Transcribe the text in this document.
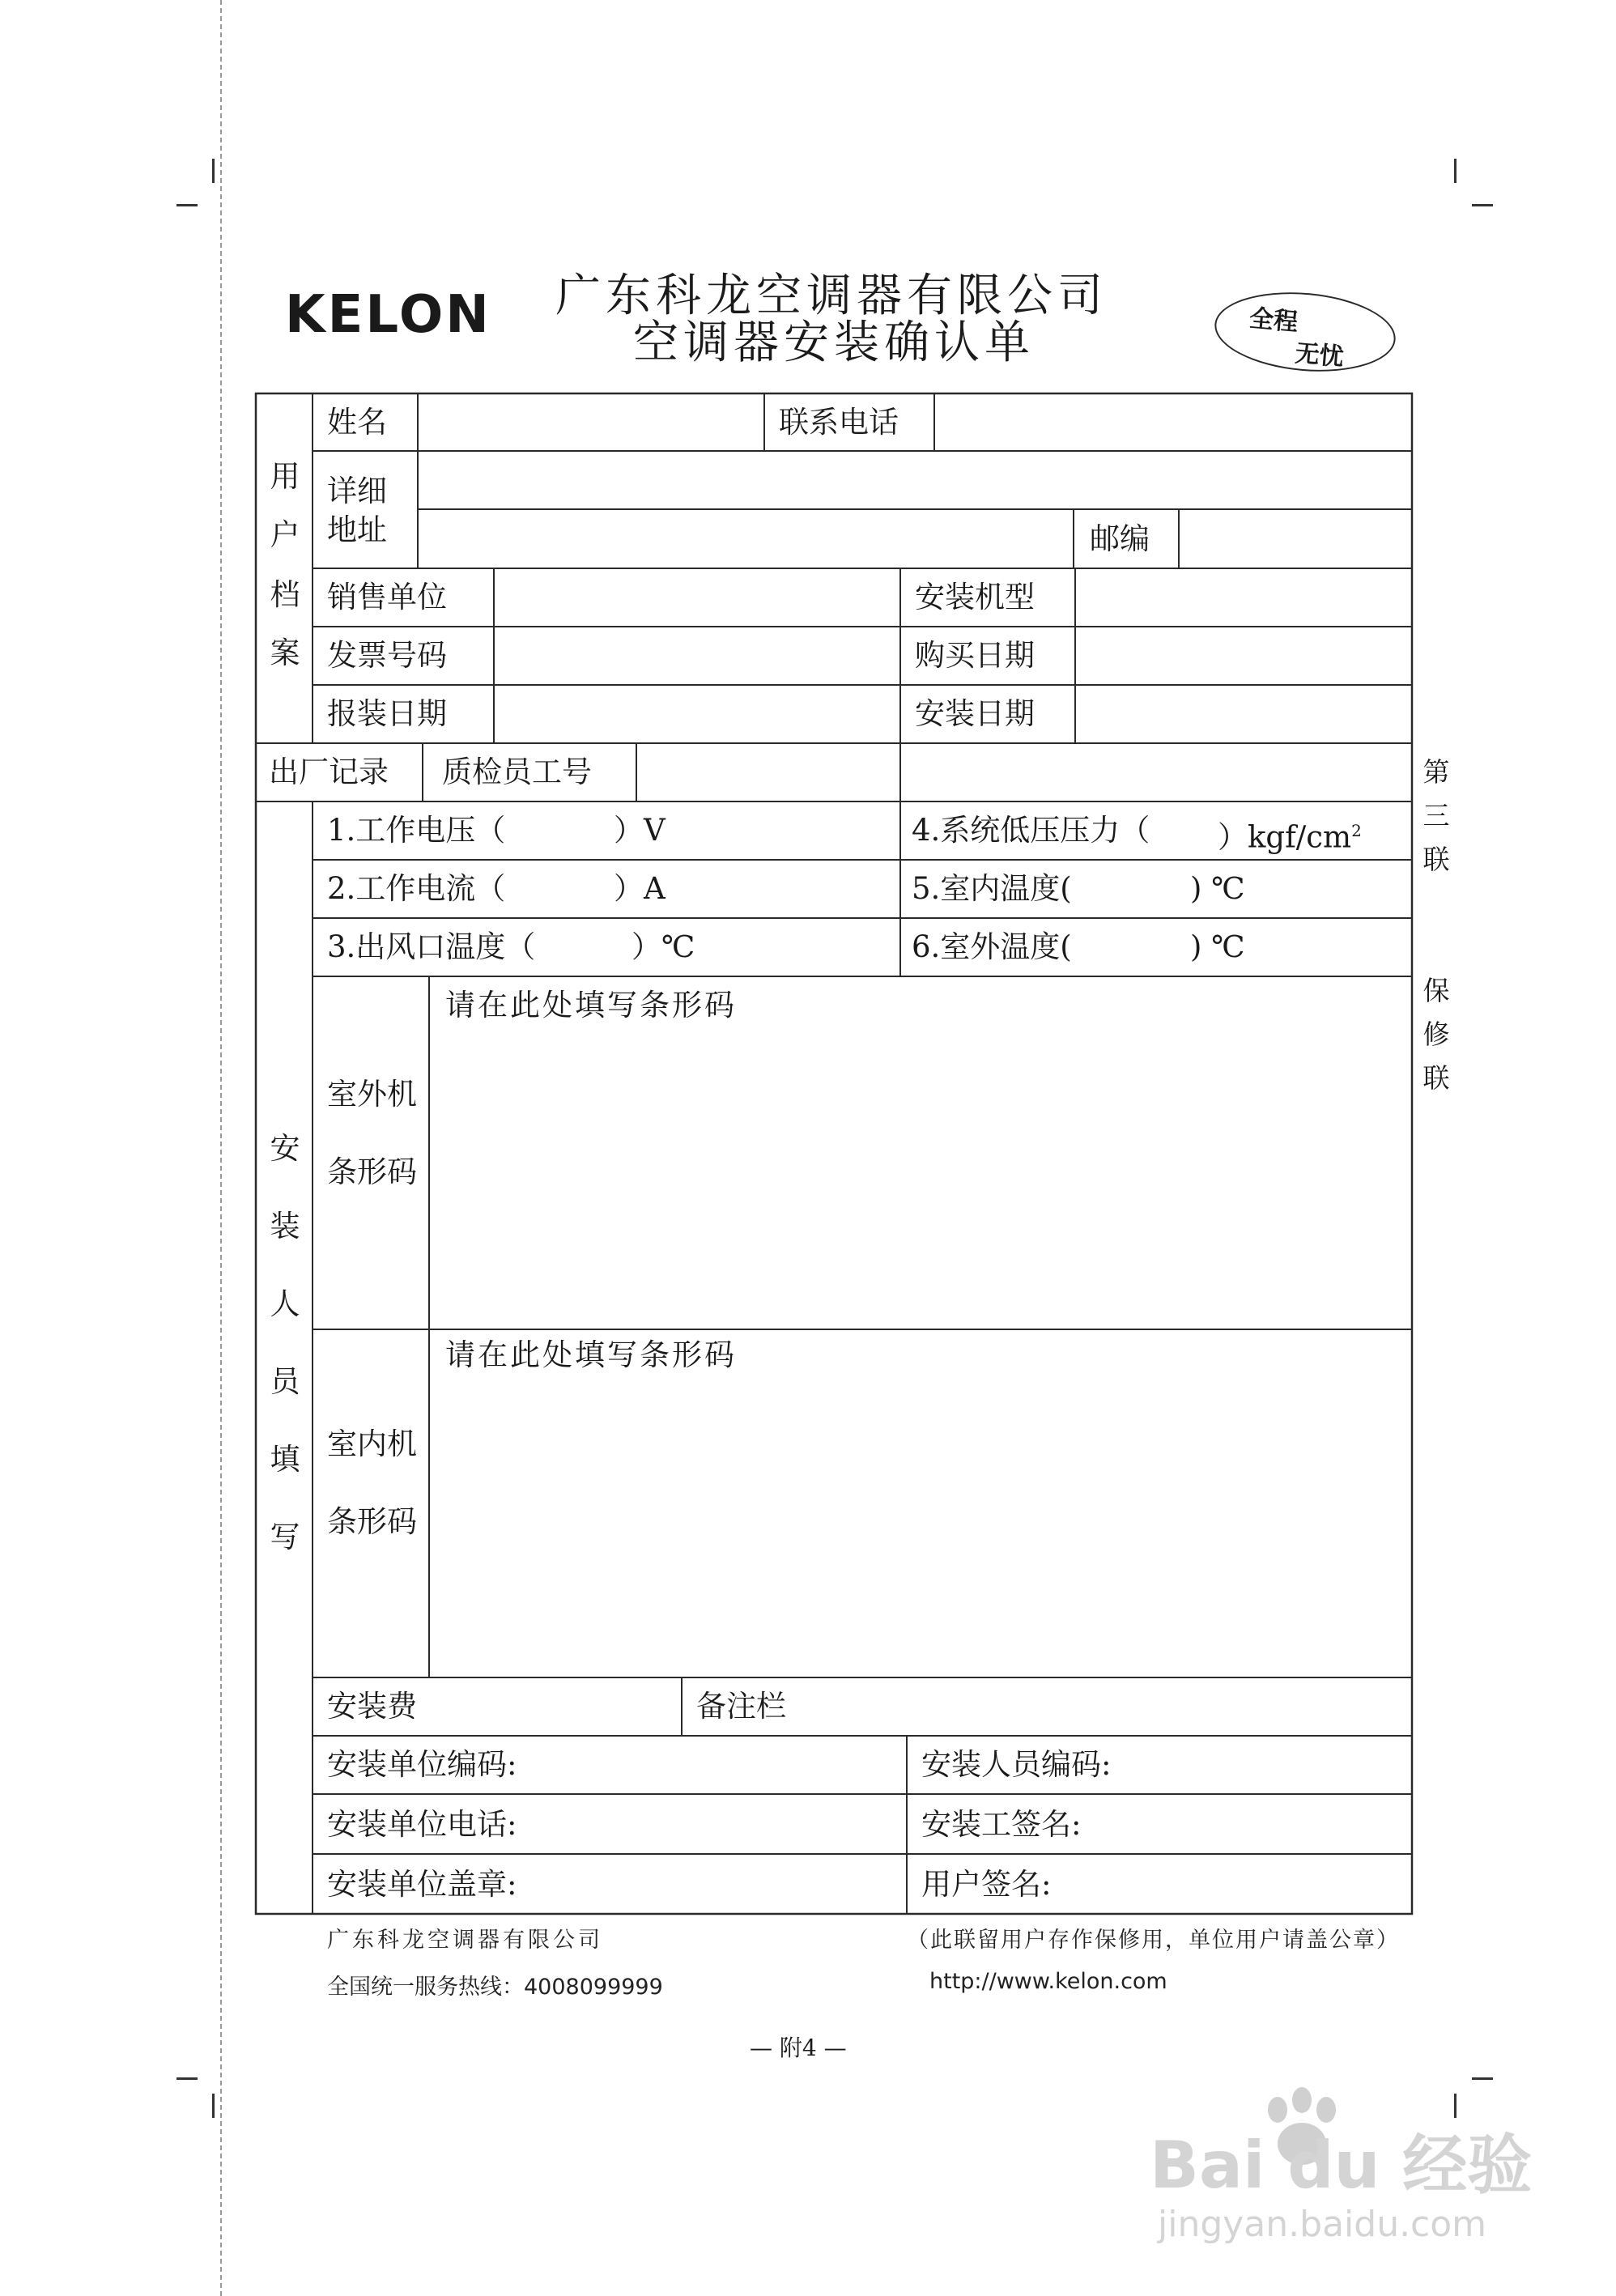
KELON 广东科龙空调器有限公司
空调器安装确认单	全程
无忧
用
户
档
案
姓名	联系电话
详细
地址	邮编
销售单位	安装机型
发票号码	购买日期
报装日期	安装日期
出厂记录 质检员工号
安
装
人
员
填
写
1.工作电压（	）V
2.工作电流（	）A
3.出风口温度（	）℃
4.系统低压压力（ ）$kgf/cm^2$
5.室内温度(	) ℃
6.室外温度(	) ℃
室外机
条形码
请在此处填写条形码
室内机
条形码
请在此处填写条形码
安装费	备注栏
安装单位编码:	安装人员编码:
安装单位电话:	安装工签名:
安装单位盖章:	用户签名:
第
三
联
保
修
联
广东科龙空调器有限公司	（此联留用户存作保修用，单位用户请盖公章）
全国统一服务热线：4008099999	http://www.kelon.com
— 附4 —
Bai du 经验
jingyan.baidu.com
